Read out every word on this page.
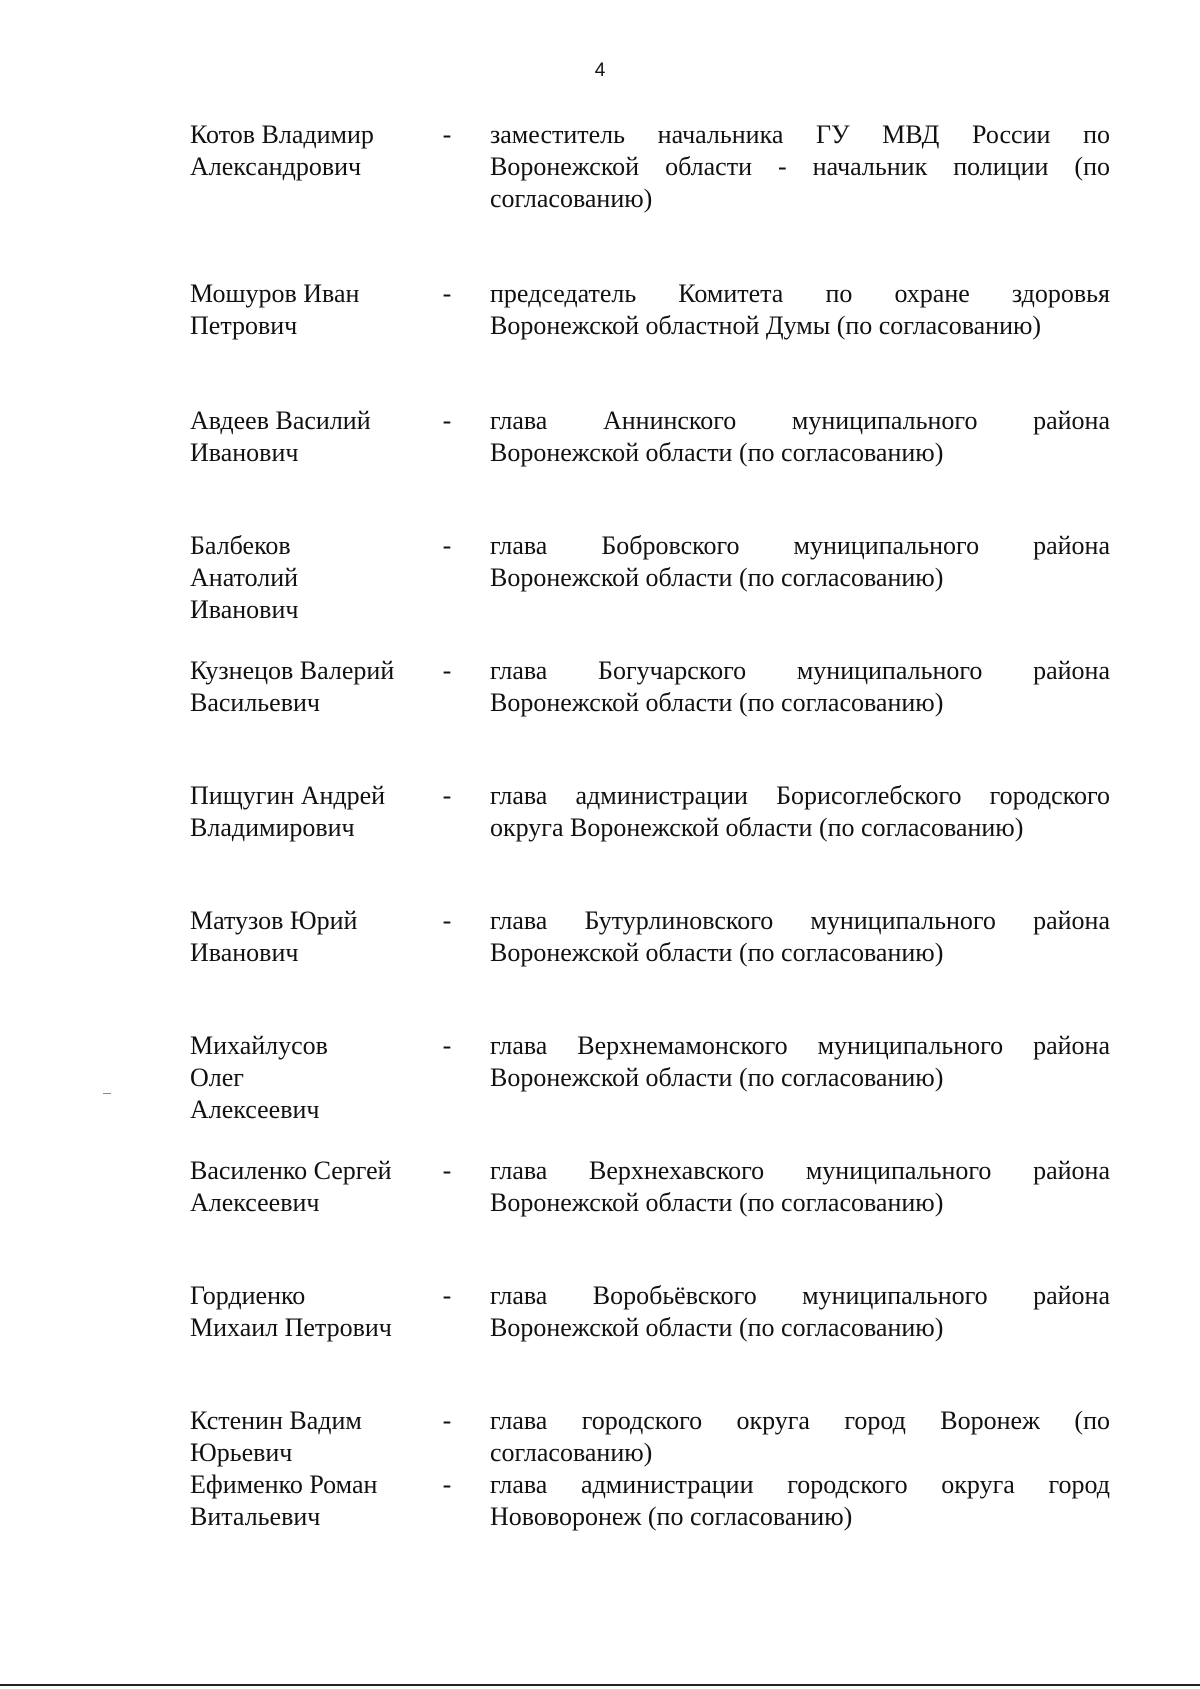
4
Котов Владимир
Александрович
- заместитель начальника ГУ МВД России по Воронежской области - начальник полиции (по согласованию)
Мошуров Иван
Петрович
- председатель Комитета по охране здоровья Воронежской областной Думы (по согласованию)
Авдеев Василий
Иванович
- глава Аннинского муниципального района Воронежской области (по согласованию)
Балбеков
Анатолий
Иванович
- глава Бобровского муниципального района Воронежской области (по согласованию)
Кузнецов Валерий
Васильевич
- глава Богучарского муниципального района Воронежской области (по согласованию)
Пищугин Андрей
Владимирович
- глава администрации Борисоглебского городского округа Воронежской области (по согласованию)
Матузов Юрий
Иванович
- глава Бутурлиновского муниципального района Воронежской области (по согласованию)
Михайлусов
Олег
Алексеевич
- глава Верхнемамонского муниципального района Воронежской области (по согласованию)
Василенко Сергей
Алексеевич
- глава Верхнехавского муниципального района Воронежской области (по согласованию)
Гордиенко
Михаил Петрович
- глава Воробьёвского муниципального района Воронежской области (по согласованию)
Кстенин Вадим
Юрьевич
- глава городского округа город Воронеж (по согласованию)
Ефименко Роман
Витальевич
- глава администрации городского округа город Нововоронеж (по согласованию)
